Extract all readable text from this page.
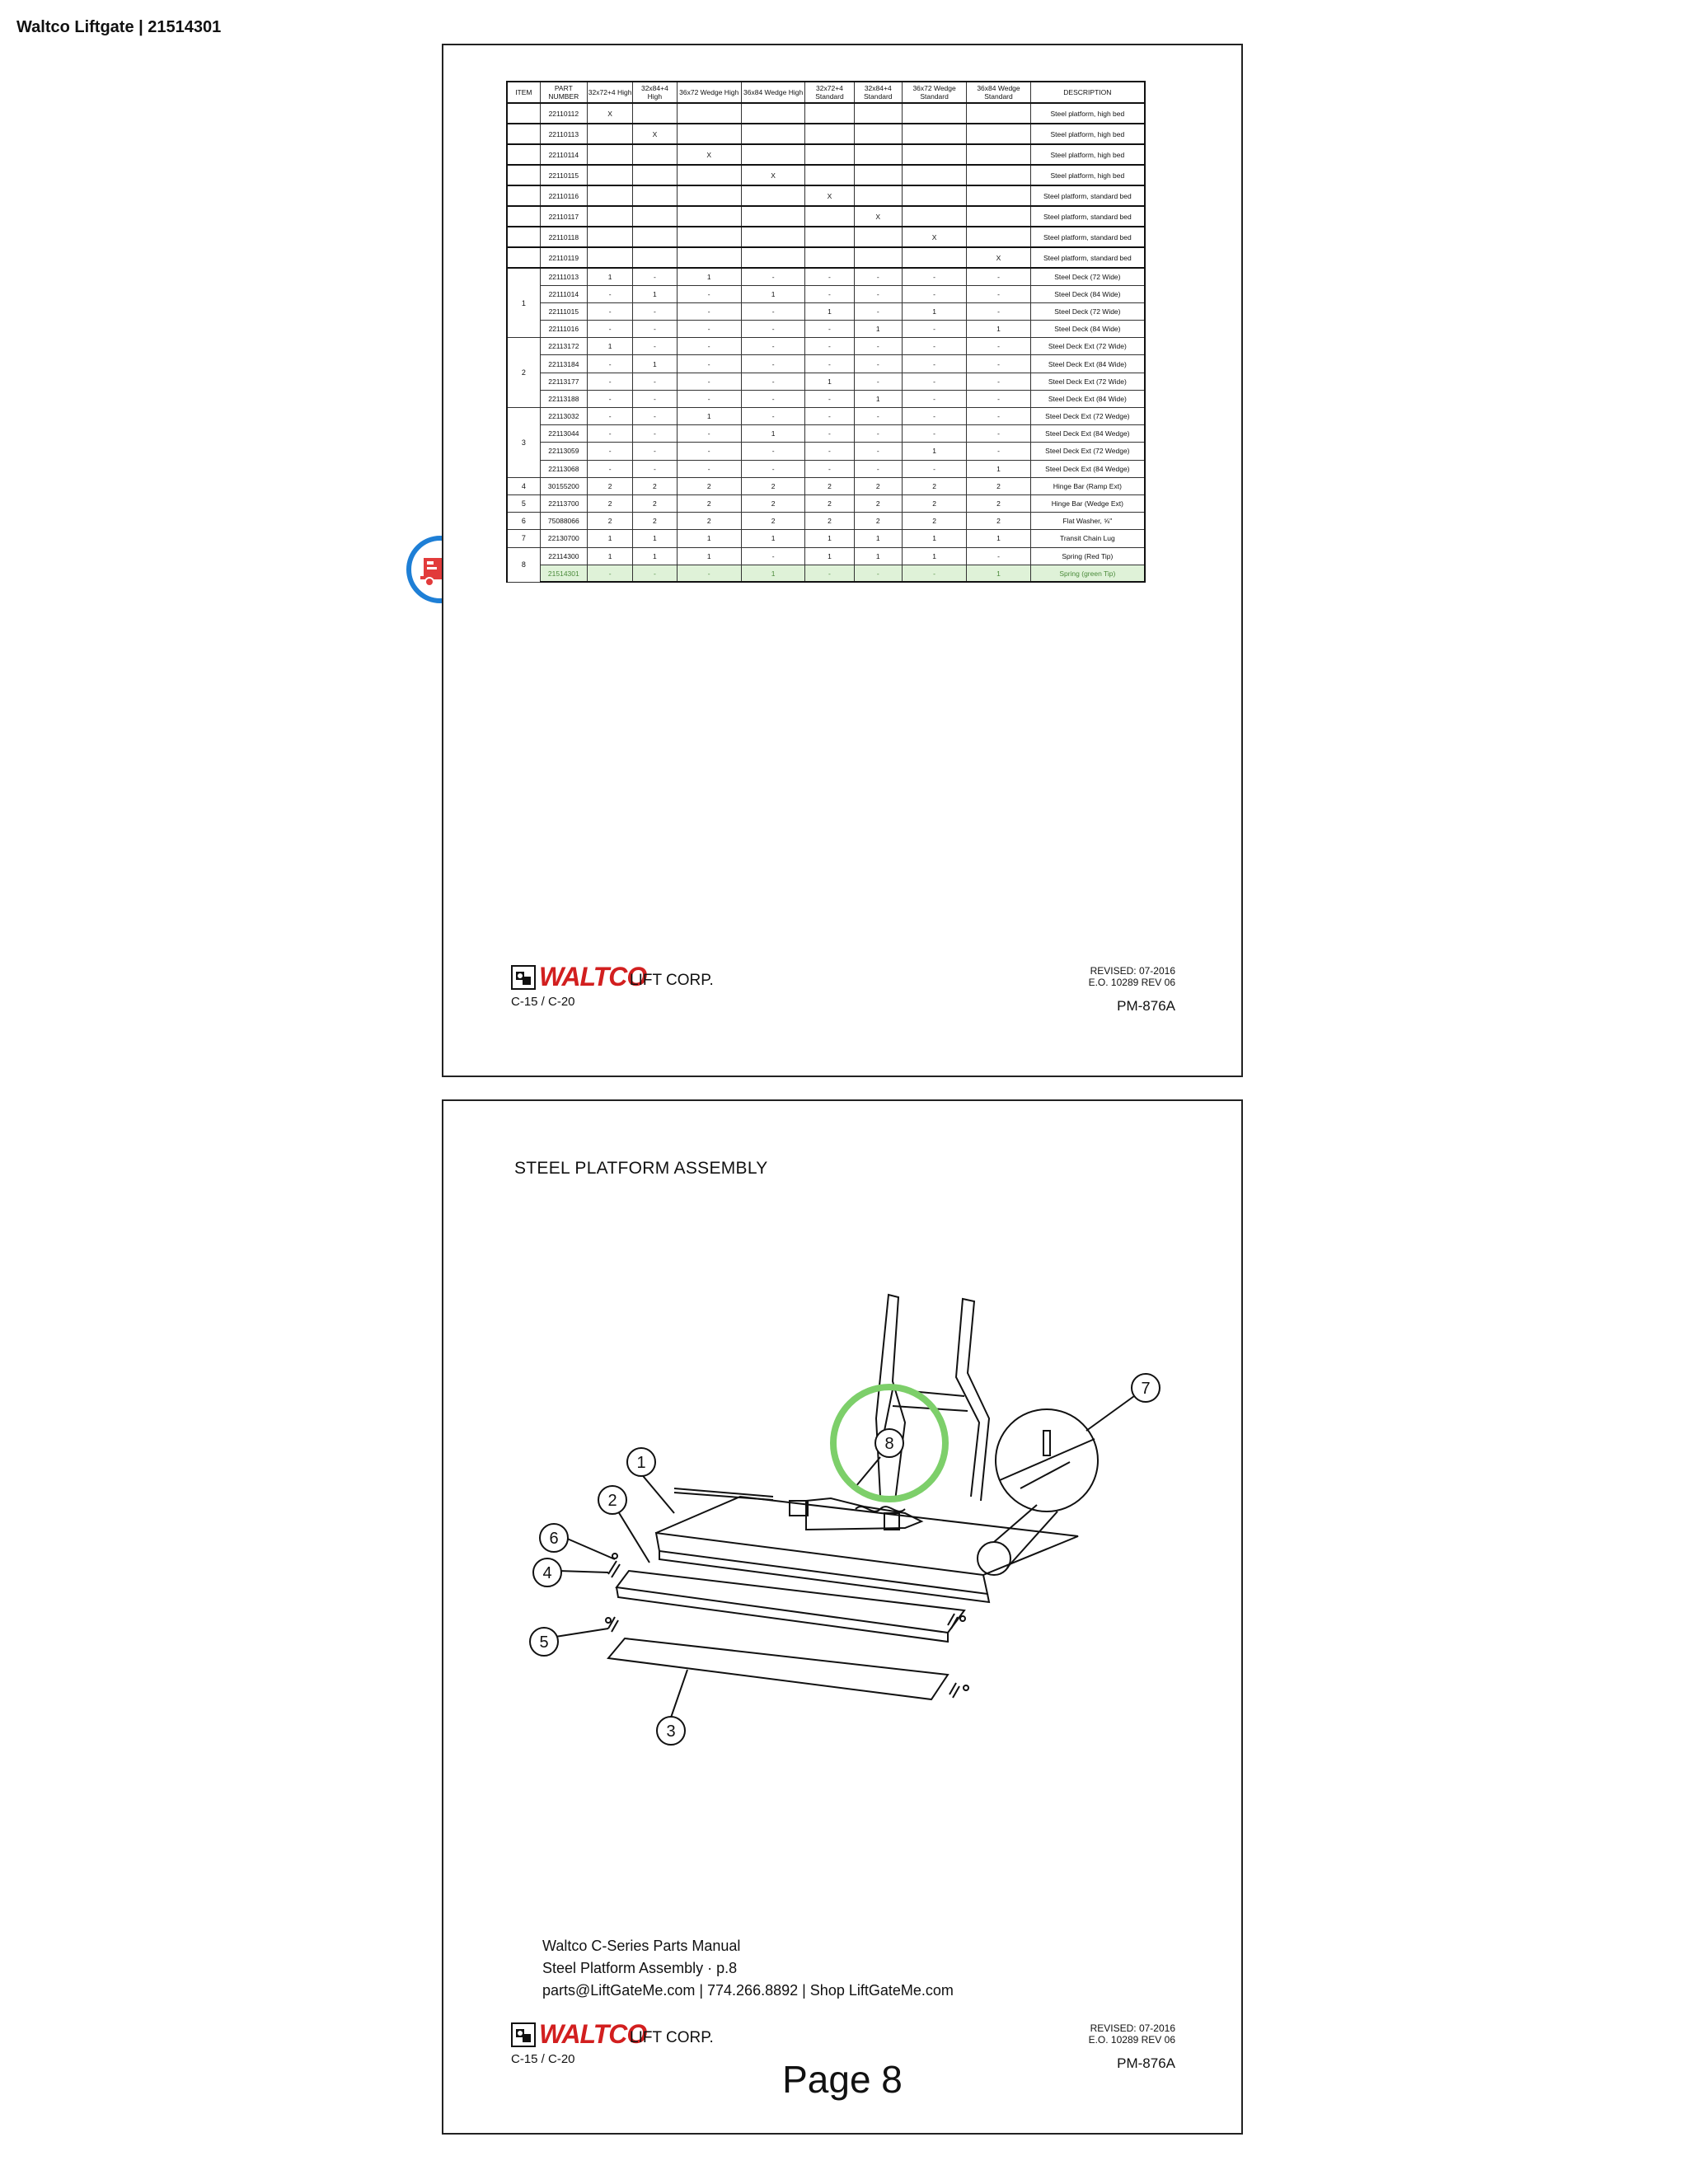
Waltco Liftgate | 21514301
ITEM	PART NUMBER	32x72+4 High	32x84+4 High	36x72 Wedge High	36x84 Wedge High	32x72+4 Standard	32x84+4 Standard	36x72 Wedge Standard	36x84 Wedge Standard	DESCRIPTION
	22110112	X								Steel platform, high bed
	22110113		X							Steel platform, high bed
	22110114			X						Steel platform, high bed
	22110115				X					Steel platform, high bed
	22110116					X				Steel platform, standard bed
	22110117						X			Steel platform, standard bed
	22110118							X		Steel platform, standard bed
	22110119								X	Steel platform, standard bed
1	22111013	1	-	1	-	-	-	-	-	Steel Deck (72 Wide)
	22111014	-	1	-	1	-	-	-	-	Steel Deck (84 Wide)
	22111015	-	-	-	-	1	-	1	-	Steel Deck (72 Wide)
	22111016	-	-	-	-	-	1	-	1	Steel Deck (84 Wide)
2	22113172	1	-	-	-	-	-	-	-	Steel Deck Ext (72 Wide)
	22113184	-	1	-	-	-	-	-	-	Steel Deck Ext (84 Wide)
	22113177	-	-	-	-	1	-	-	-	Steel Deck Ext (72 Wide)
	22113188	-	-	-	-	-	1	-	-	Steel Deck Ext (84 Wide)
3	22113032	-	-	1	-	-	-	-	-	Steel Deck Ext (72 Wedge)
	22113044	-	-	-	1	-	-	-	-	Steel Deck Ext (84 Wedge)
	22113059	-	-	-	-	-	-	1	-	Steel Deck Ext (72 Wedge)
	22113068	-	-	-	-	-	-	-	1	Steel Deck Ext (84 Wedge)
4	30155200	2	2	2	2	2	2	2	2	Hinge Bar (Ramp Ext)
5	22113700	2	2	2	2	2	2	2	2	Hinge Bar (Wedge Ext)
6	75088066	2	2	2	2	2	2	2	2	Flat Washer, ⅝"
7	22130700	1	1	1	1	1	1	1	1	Transit Chain Lug
8	22114300	1	1	1	-	1	1	1	-	Spring (Red Tip)
	21514301	-	-	-	1	-	-	-	1	Spring (green Tip)
WALTCO
LIFT CORP.
C-15 / C-20
REVISED: 07-2016
E.O. 10289 REV 06
PM-876A
STEEL PLATFORM ASSEMBLY
1
2
3
4
5
6
7
8
Waltco C-Series Parts Manual
Steel Platform Assembly · p.8
parts@LiftGateMe.com | 774.266.8892 | Shop LiftGateMe.com
WALTCO
LIFT CORP.
C-15 / C-20
REVISED: 07-2016
E.O. 10289 REV 06
PM-876A
Page 8
